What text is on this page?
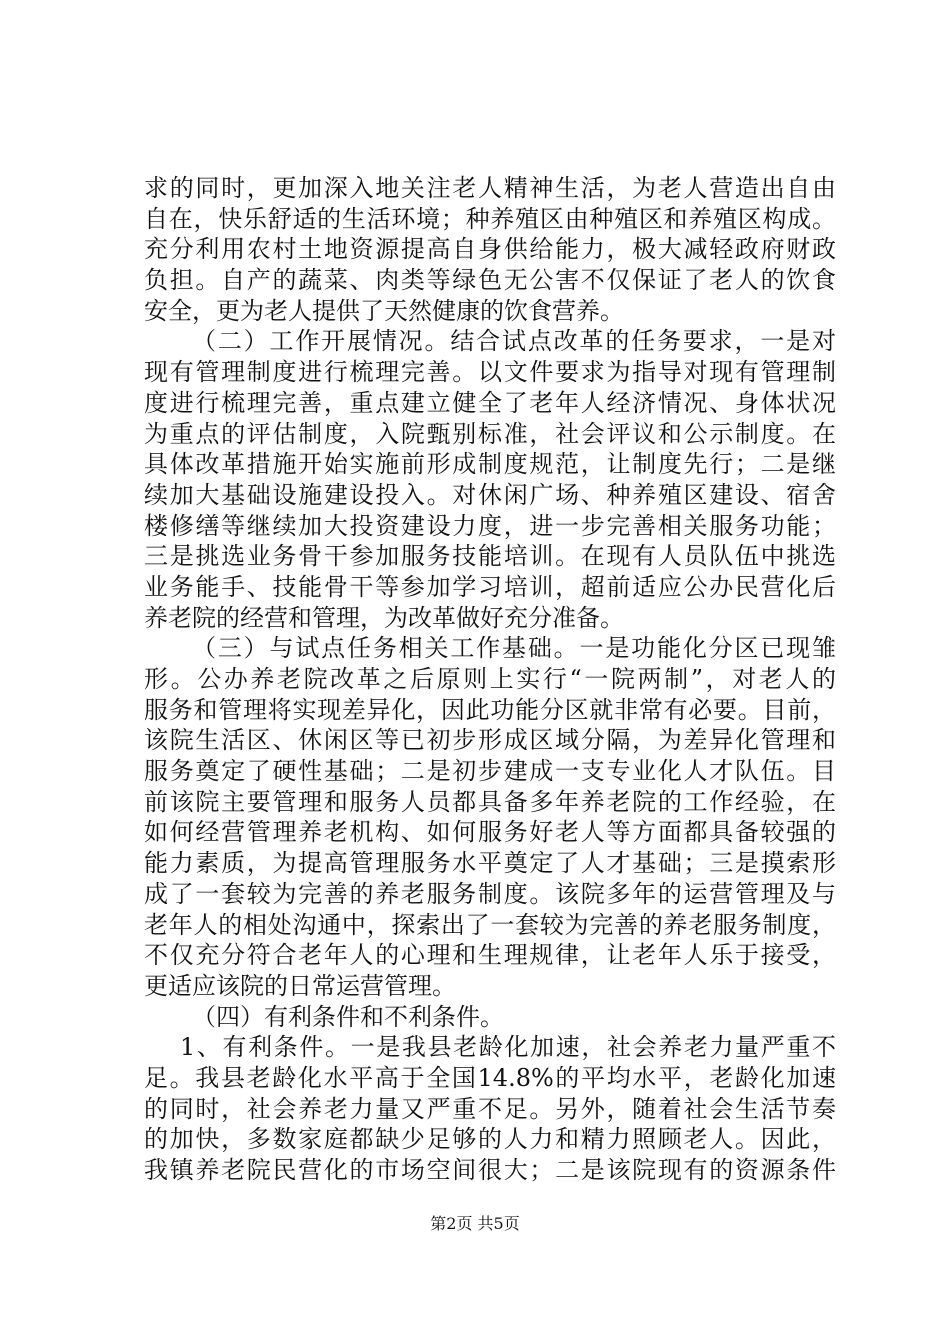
求的同时，更加深入地关注老人精神生活，为老人营造出自由
自在，快乐舒适的生活环境；种养殖区由种殖区和养殖区构成。
充分利用农村土地资源提高自身供给能力，极大减轻政府财政
负担。自产的蔬菜、肉类等绿色无公害不仅保证了老人的饮食
安全，更为老人提供了天然健康的饮食营养。
（二）工作开展情况。结合试点改革的任务要求，一是对
现有管理制度进行梳理完善。以文件要求为指导对现有管理制
度进行梳理完善，重点建立健全了老年人经济情况、身体状况
为重点的评估制度，入院甄别标准，社会评议和公示制度。在
具体改革措施开始实施前形成制度规范，让制度先行；二是继
续加大基础设施建设投入。对休闲广场、种养殖区建设、宿舍
楼修缮等继续加大投资建设力度，进一步完善相关服务功能；
三是挑选业务骨干参加服务技能培训。在现有人员队伍中挑选
业务能手、技能骨干等参加学习培训，超前适应公办民营化后
养老院的经营和管理，为改革做好充分准备。
（三）与试点任务相关工作基础。一是功能化分区已现雏
形。公办养老院改革之后原则上实行“一院两制”，对老人的
服务和管理将实现差异化，因此功能分区就非常有必要。目前，
该院生活区、休闲区等已初步形成区域分隔，为差异化管理和
服务奠定了硬性基础；二是初步建成一支专业化人才队伍。目
前该院主要管理和服务人员都具备多年养老院的工作经验，在
如何经营管理养老机构、如何服务好老人等方面都具备较强的
能力素质，为提高管理服务水平奠定了人才基础；三是摸索形
成了一套较为完善的养老服务制度。该院多年的运营管理及与
老年人的相处沟通中，探索出了一套较为完善的养老服务制度，
不仅充分符合老年人的心理和生理规律，让老年人乐于接受，
更适应该院的日常运营管理。
（四）有利条件和不利条件。
1、有利条件。一是我县老龄化加速，社会养老力量严重不
足。我县老龄化水平高于全国14.8%的平均水平，老龄化加速
的同时，社会养老力量又严重不足。另外，随着社会生活节奏
的加快，多数家庭都缺少足够的人力和精力照顾老人。因此，
我镇养老院民营化的市场空间很大；二是该院现有的资源条件
第2页 共5页
